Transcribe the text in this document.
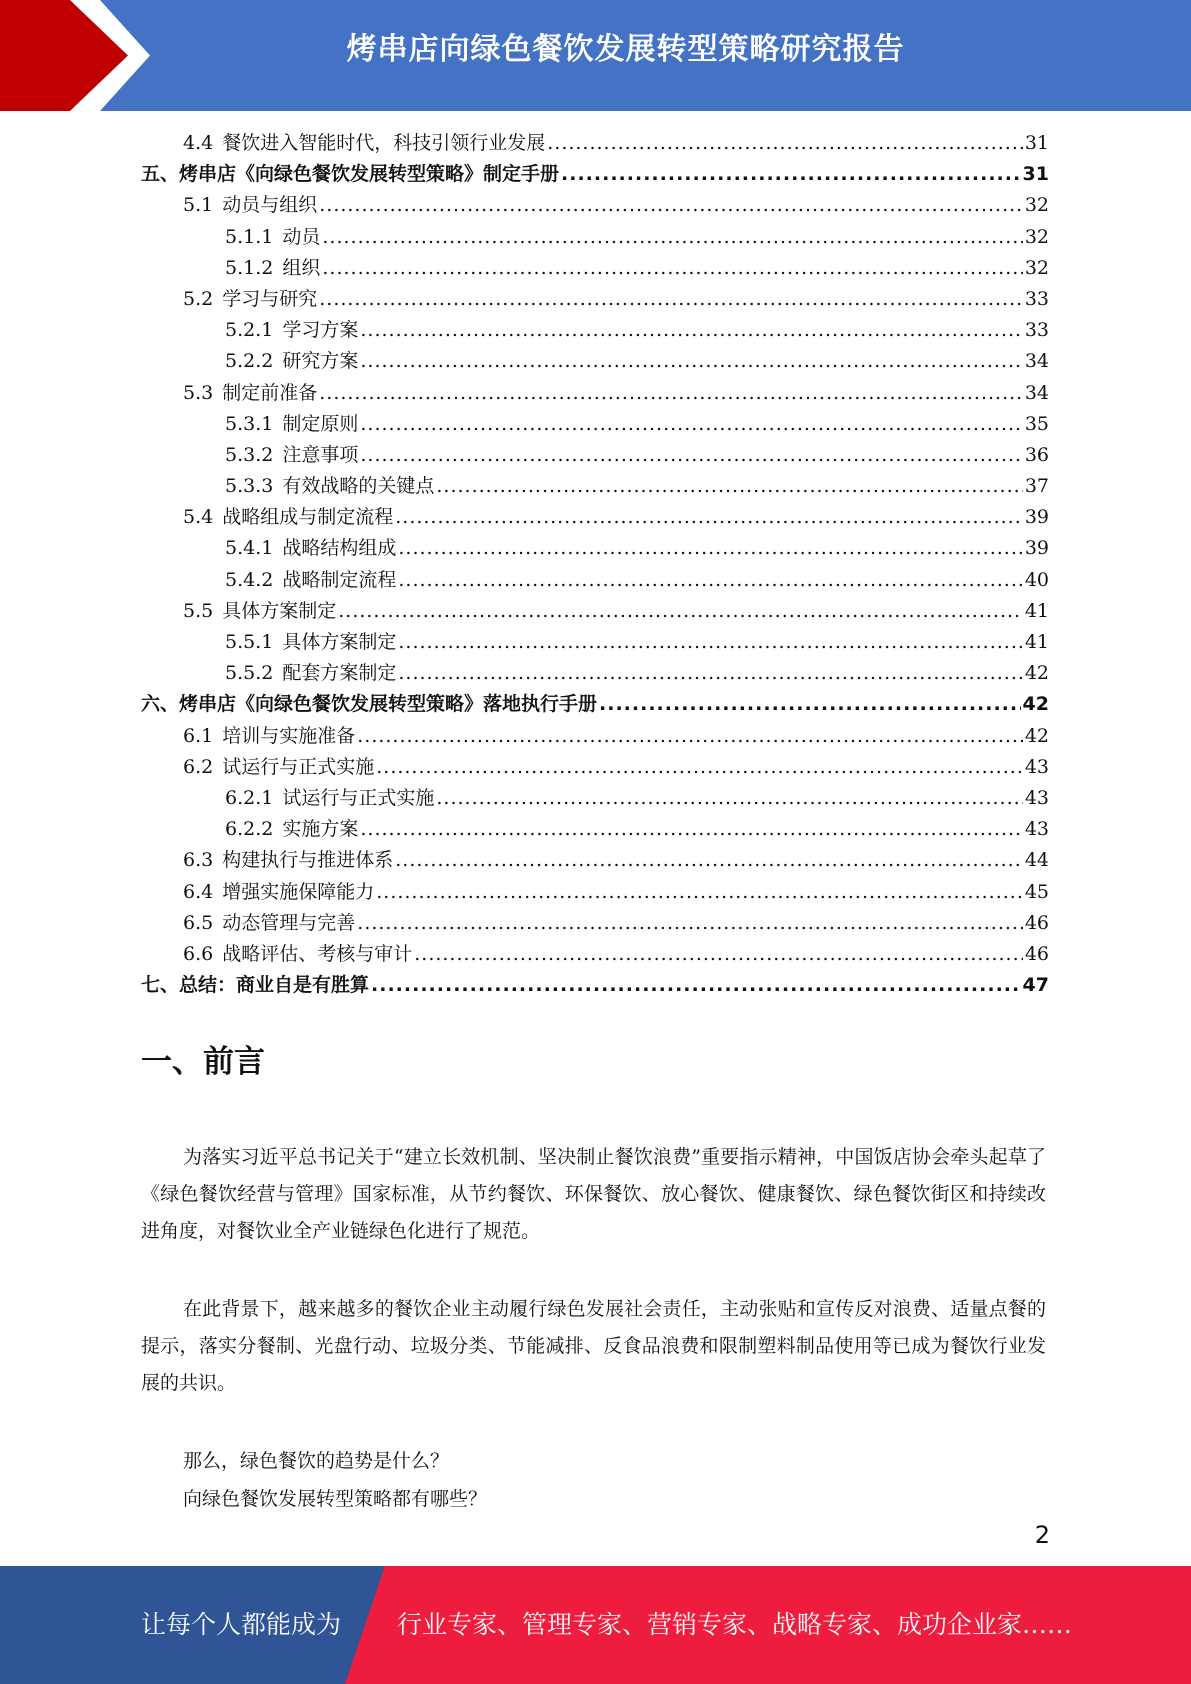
烤串店向绿色餐饮发展转型策略研究报告
4.4 餐饮进入智能时代，科技引领行业发展 .....	31
五、烤串店《向绿色餐饮发展转型策略》制定手册 .....	31
5.1 动员与组织 .....	32
5.1.1 动员 .....	32
5.1.2 组织 .....	32
5.2 学习与研究 .....	33
5.2.1 学习方案 .....	33
5.2.2 研究方案 .....	34
5.3 制定前准备 .....	34
5.3.1 制定原则 .....	35
5.3.2 注意事项 .....	36
5.3.3 有效战略的关键点 .....	37
5.4 战略组成与制定流程 .....	39
5.4.1 战略结构组成 .....	39
5.4.2 战略制定流程 .....	40
5.5 具体方案制定 .....	41
5.5.1 具体方案制定 .....	41
5.5.2 配套方案制定 .....	42
六、烤串店《向绿色餐饮发展转型策略》落地执行手册 .....	42
6.1 培训与实施准备 .....	42
6.2 试运行与正式实施 .....	43
6.2.1 试运行与正式实施 .....	43
6.2.2 实施方案 .....	43
6.3 构建执行与推进体系 .....	44
6.4 增强实施保障能力 .....	45
6.5 动态管理与完善 .....	46
6.6 战略评估、考核与审计 .....	46
七、总结：商业自是有胜算 .....	47
一、前言

为落实习近平总书记关于“建立长效机制、坚决制止餐饮浪费”重要指示精神，中国饭店协会牵头起草了《绿色餐饮经营与管理》国家标准，从节约餐饮、环保餐饮、放心餐饮、健康餐饮、绿色餐饮街区和持续改进角度，对餐饮业全产业链绿色化进行了规范。

在此背景下，越来越多的餐饮企业主动履行绿色发展社会责任，主动张贴和宣传反对浪费、适量点餐的提示，落实分餐制、光盘行动、垃圾分类、节能减排、反食品浪费和限制塑料制品使用等已成为餐饮行业发展的共识。

那么，绿色餐饮的趋势是什么？

向绿色餐饮发展转型策略都有哪些？

2
让每个人都能成为 行业专家、管理专家、营销专家、战略专家、成功企业家……
